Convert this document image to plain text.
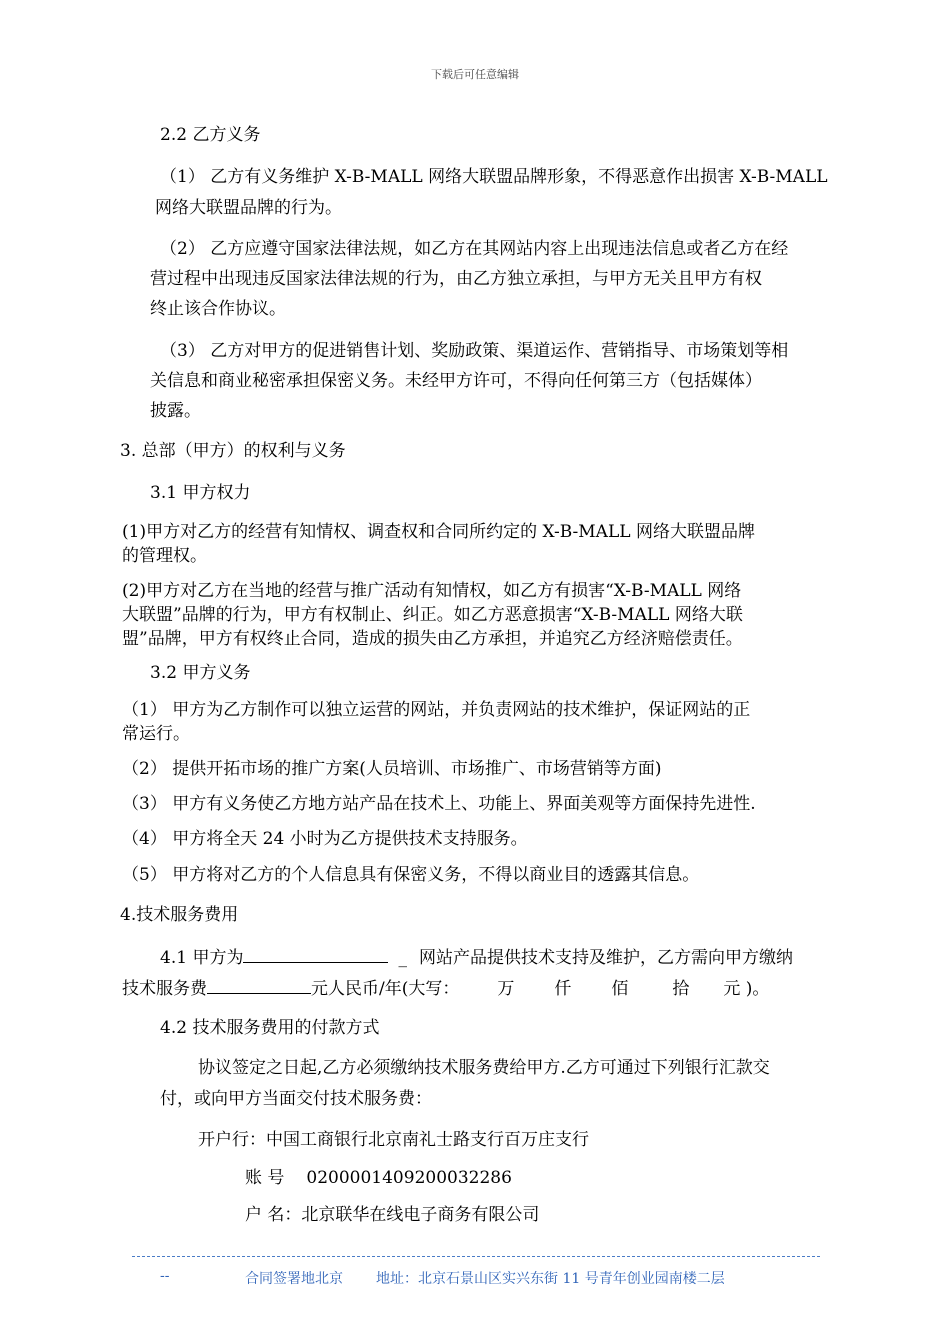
下载后可任意编辑
2.2 乙方义务
（1） 乙方有义务维护 X-B-MALL 网络大联盟品牌形象，不得恶意作出损害 X-B-MALL
网络大联盟品牌的行为。
（2） 乙方应遵守国家法律法规，如乙方在其网站内容上出现违法信息或者乙方在经
营过程中出现违反国家法律法规的行为，由乙方独立承担，与甲方无关且甲方有权
终止该合作协议。
（3） 乙方对甲方的促进销售计划、奖励政策、渠道运作、营销指导、市场策划等相
关信息和商业秘密承担保密义务。未经甲方许可，不得向任何第三方（包括媒体）
披露。
3. 总部（甲方）的权利与义务
3.1 甲方权力
(1)甲方对乙方的经营有知情权、调查权和合同所约定的 X-B-MALL 网络大联盟品牌
的管理权。
(2)甲方对乙方在当地的经营与推广活动有知情权，如乙方有损害“X-B-MALL 网络
大联盟”品牌的行为，甲方有权制止、纠正。如乙方恶意损害“X-B-MALL 网络大联
盟”品牌，甲方有权终止合同，造成的损失由乙方承担，并追究乙方经济赔偿责任。
3.2 甲方义务
（1） 甲方为乙方制作可以独立运营的网站，并负责网站的技术维护，保证网站的正
常运行。
（2） 提供开拓市场的推广方案(人员培训、市场推广、市场营销等方面)
（3） 甲方有义务使乙方地方站产品在技术上、功能上、界面美观等方面保持先进性.
（4） 甲方将全天 24 小时为乙方提供技术支持服务。
（5） 甲方将对乙方的个人信息具有保密义务，不得以商业目的透露其信息。
4.技术服务费用
4.1 甲方为	_ 网站产品提供技术支持及维护，乙方需向甲方缴纳
技术服务费	元人民币/年(大写： 万 仟 佰	拾 元 )。
4.2 技术服务费用的付款方式
协议签定之日起,乙方必须缴纳技术服务费给甲方.乙方可通过下列银行汇款交
付，或向甲方当面交付技术服务费：
开户行：中国工商银行北京南礼士路支行百万庄支行
账 号 0200001409200032286
户 名：北京联华在线电子商务有限公司
--	合同签署地北京 地址：北京石景山区实兴东街 11 号青年创业园南楼二层
